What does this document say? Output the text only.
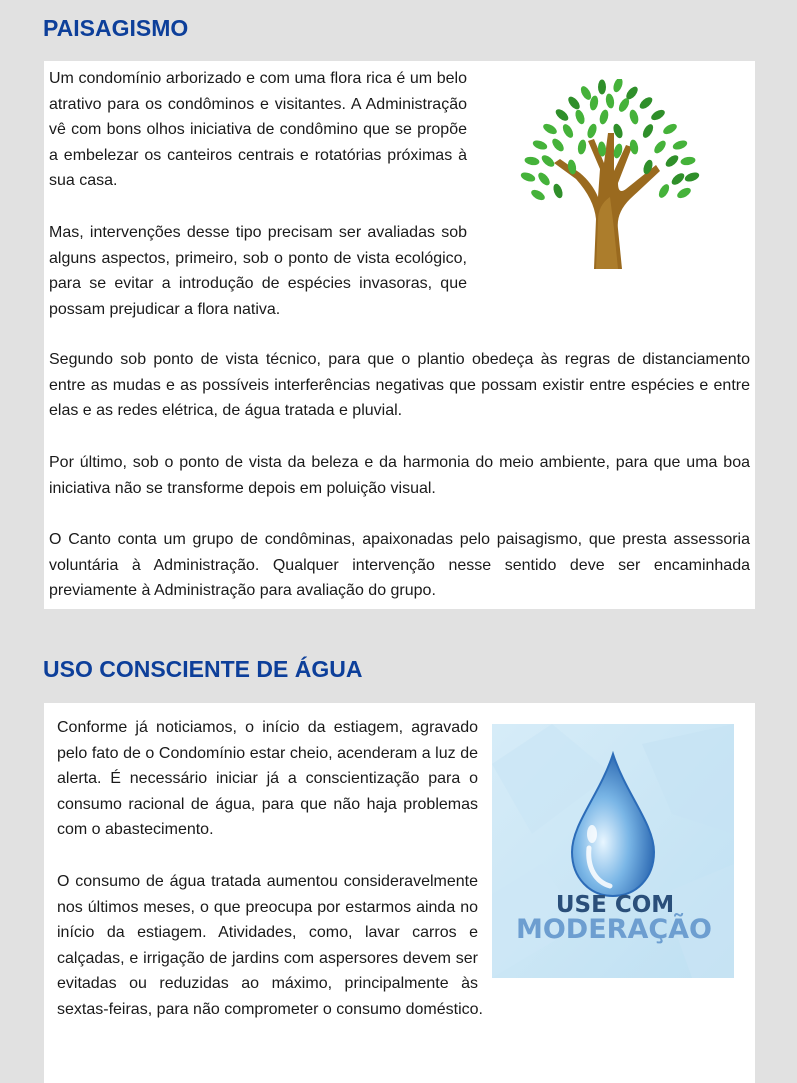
PAISAGISMO

Um condomínio arborizado e com uma flora rica é um belo atrativo para os condôminos e visitantes. A Administração vê com bons olhos iniciativa de condômino que se propõe a embelezar os canteiros centrais e rotatórias próximas à sua casa.

Mas, intervenções desse tipo precisam ser avaliadas sob alguns aspectos, primeiro, sob o ponto de vista ecológico, para se evitar a introdução de espécies invasoras, que possam prejudicar a flora nativa.

Segundo sob ponto de vista técnico, para que o plantio obedeça às regras de distanciamento entre as mudas e as possíveis interferências negativas que possam existir entre espécies e entre elas e as redes elétrica, de água tratada e pluvial.

Por último, sob o ponto de vista da beleza e da harmonia do meio ambiente, para que uma boa iniciativa não se transforme depois em poluição visual.

O Canto conta um grupo de condôminas, apaixonadas pelo paisagismo, que presta assessoria voluntária à Administração. Qualquer intervenção nesse sentido deve ser encaminhada previamente à Administração para avaliação do grupo.

USO CONSCIENTE DE ÁGUA

Conforme já noticiamos, o início da estiagem, agravado pelo fato de o Condomínio estar cheio, acenderam a luz de alerta. É necessário iniciar já a conscientização para o consumo racional de água, para que não haja problemas com o abastecimento.

O consumo de água tratada aumentou consideravelmente nos últimos meses, o que preocupa por estarmos ainda no início da estiagem. Atividades, como, lavar carros e calçadas, e irrigação de jardins com aspersores devem ser evitadas ou reduzidas ao máximo, principalmente às sextas-feiras, para não comprometer o consumo doméstico.

USE COM
MODERAÇÃO
